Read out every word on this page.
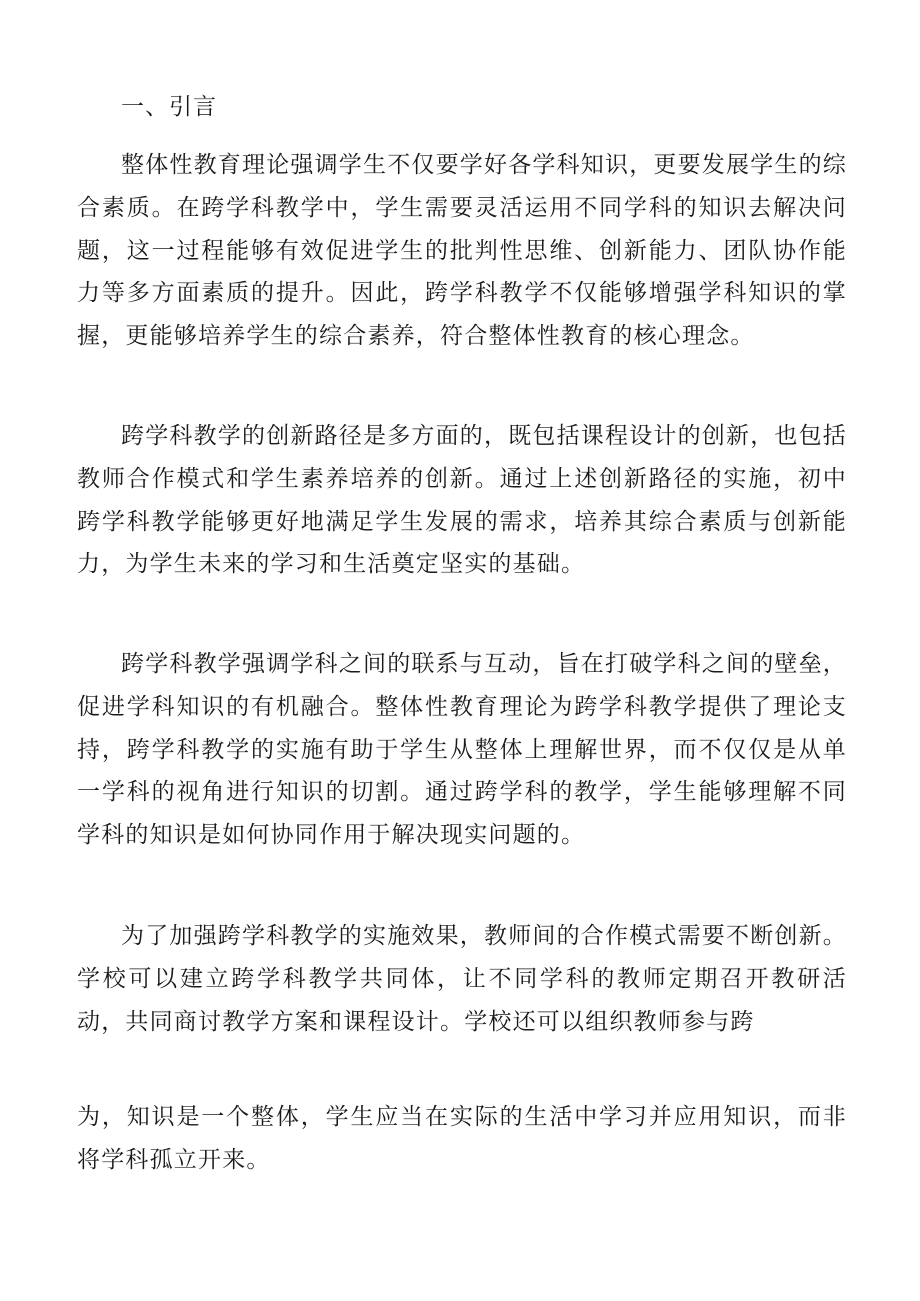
一、引言

整体性教育理论强调学生不仅要学好各学科知识，更要发展学生的综合素质。在跨学科教学中，学生需要灵活运用不同学科的知识去解决问题，这一过程能够有效促进学生的批判性思维、创新能力、团队协作能力等多方面素质的提升。因此，跨学科教学不仅能够增强学科知识的掌握，更能够培养学生的综合素养，符合整体性教育的核心理念。

跨学科教学的创新路径是多方面的，既包括课程设计的创新，也包括教师合作模式和学生素养培养的创新。通过上述创新路径的实施，初中跨学科教学能够更好地满足学生发展的需求，培养其综合素质与创新能力，为学生未来的学习和生活奠定坚实的基础。

跨学科教学强调学科之间的联系与互动，旨在打破学科之间的壁垒，促进学科知识的有机融合。整体性教育理论为跨学科教学提供了理论支持，跨学科教学的实施有助于学生从整体上理解世界，而不仅仅是从单一学科的视角进行知识的切割。通过跨学科的教学，学生能够理解不同学科的知识是如何协同作用于解决现实问题的。

为了加强跨学科教学的实施效果，教师间的合作模式需要不断创新。学校可以建立跨学科教学共同体，让不同学科的教师定期召开教研活动，共同商讨教学方案和课程设计。学校还可以组织教师参与跨

为，知识是一个整体，学生应当在实际的生活中学习并应用知识，而非将学科孤立开来。
